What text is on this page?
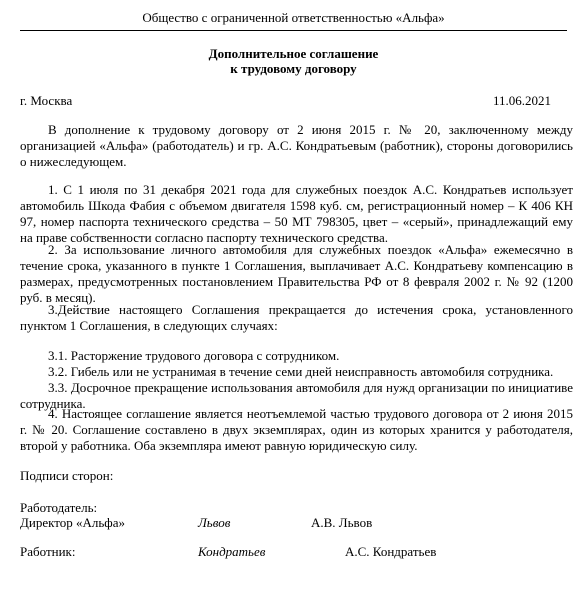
Общество с ограниченной ответственностью «Альфа»
Дополнительное соглашение
к трудовому договору
г. Москва	11.06.2021
В дополнение к трудовому договору от 2 июня 2015 г. № 20, заключенному между организацией «Альфа» (работодатель) и гр. А.С. Кондратьевым (работник), стороны договорились о нижеследующем.
1. С 1 июля по 31 декабря 2021 года для служебных поездок А.С. Кондратьев использует автомобиль Шкода Фабия с объемом двигателя 1598 куб. см, регистрационный номер – К 406 КН 97, номер паспорта технического средства – 50 МТ 798305, цвет – «серый», принадлежащий ему на праве собственности согласно паспорту технического средства.
2. За использование личного автомобиля для служебных поездок «Альфа» ежемесячно в течение срока, указанного в пункте 1 Соглашения, выплачивает А.С. Кондратьеву компенсацию в размерах, предусмотренных постановлением Правительства РФ от 8 февраля 2002 г. № 92 (1200 руб. в месяц).
3.Действие настоящего Соглашения прекращается до истечения срока, установленного пунктом 1 Соглашения, в следующих случаях:
3.1. Расторжение трудового договора с сотрудником.
3.2. Гибель или не устранимая в течение семи дней неисправность автомобиля сотрудника.
3.3. Досрочное прекращение использования автомобиля для нужд организации по инициативе сотрудника.
4. Настоящее соглашение является неотъемлемой частью трудового договора от 2 июня 2015 г. № 20. Соглашение составлено в двух экземплярах, один из которых хранится у работодателя, второй у работника. Оба экземпляра имеют равную юридическую силу.
Подписи сторон:
Работодатель:
Директор «Альфа»	Львов	А.В. Львов
Работник:	Кондратьев	А.С. Кондратьев
